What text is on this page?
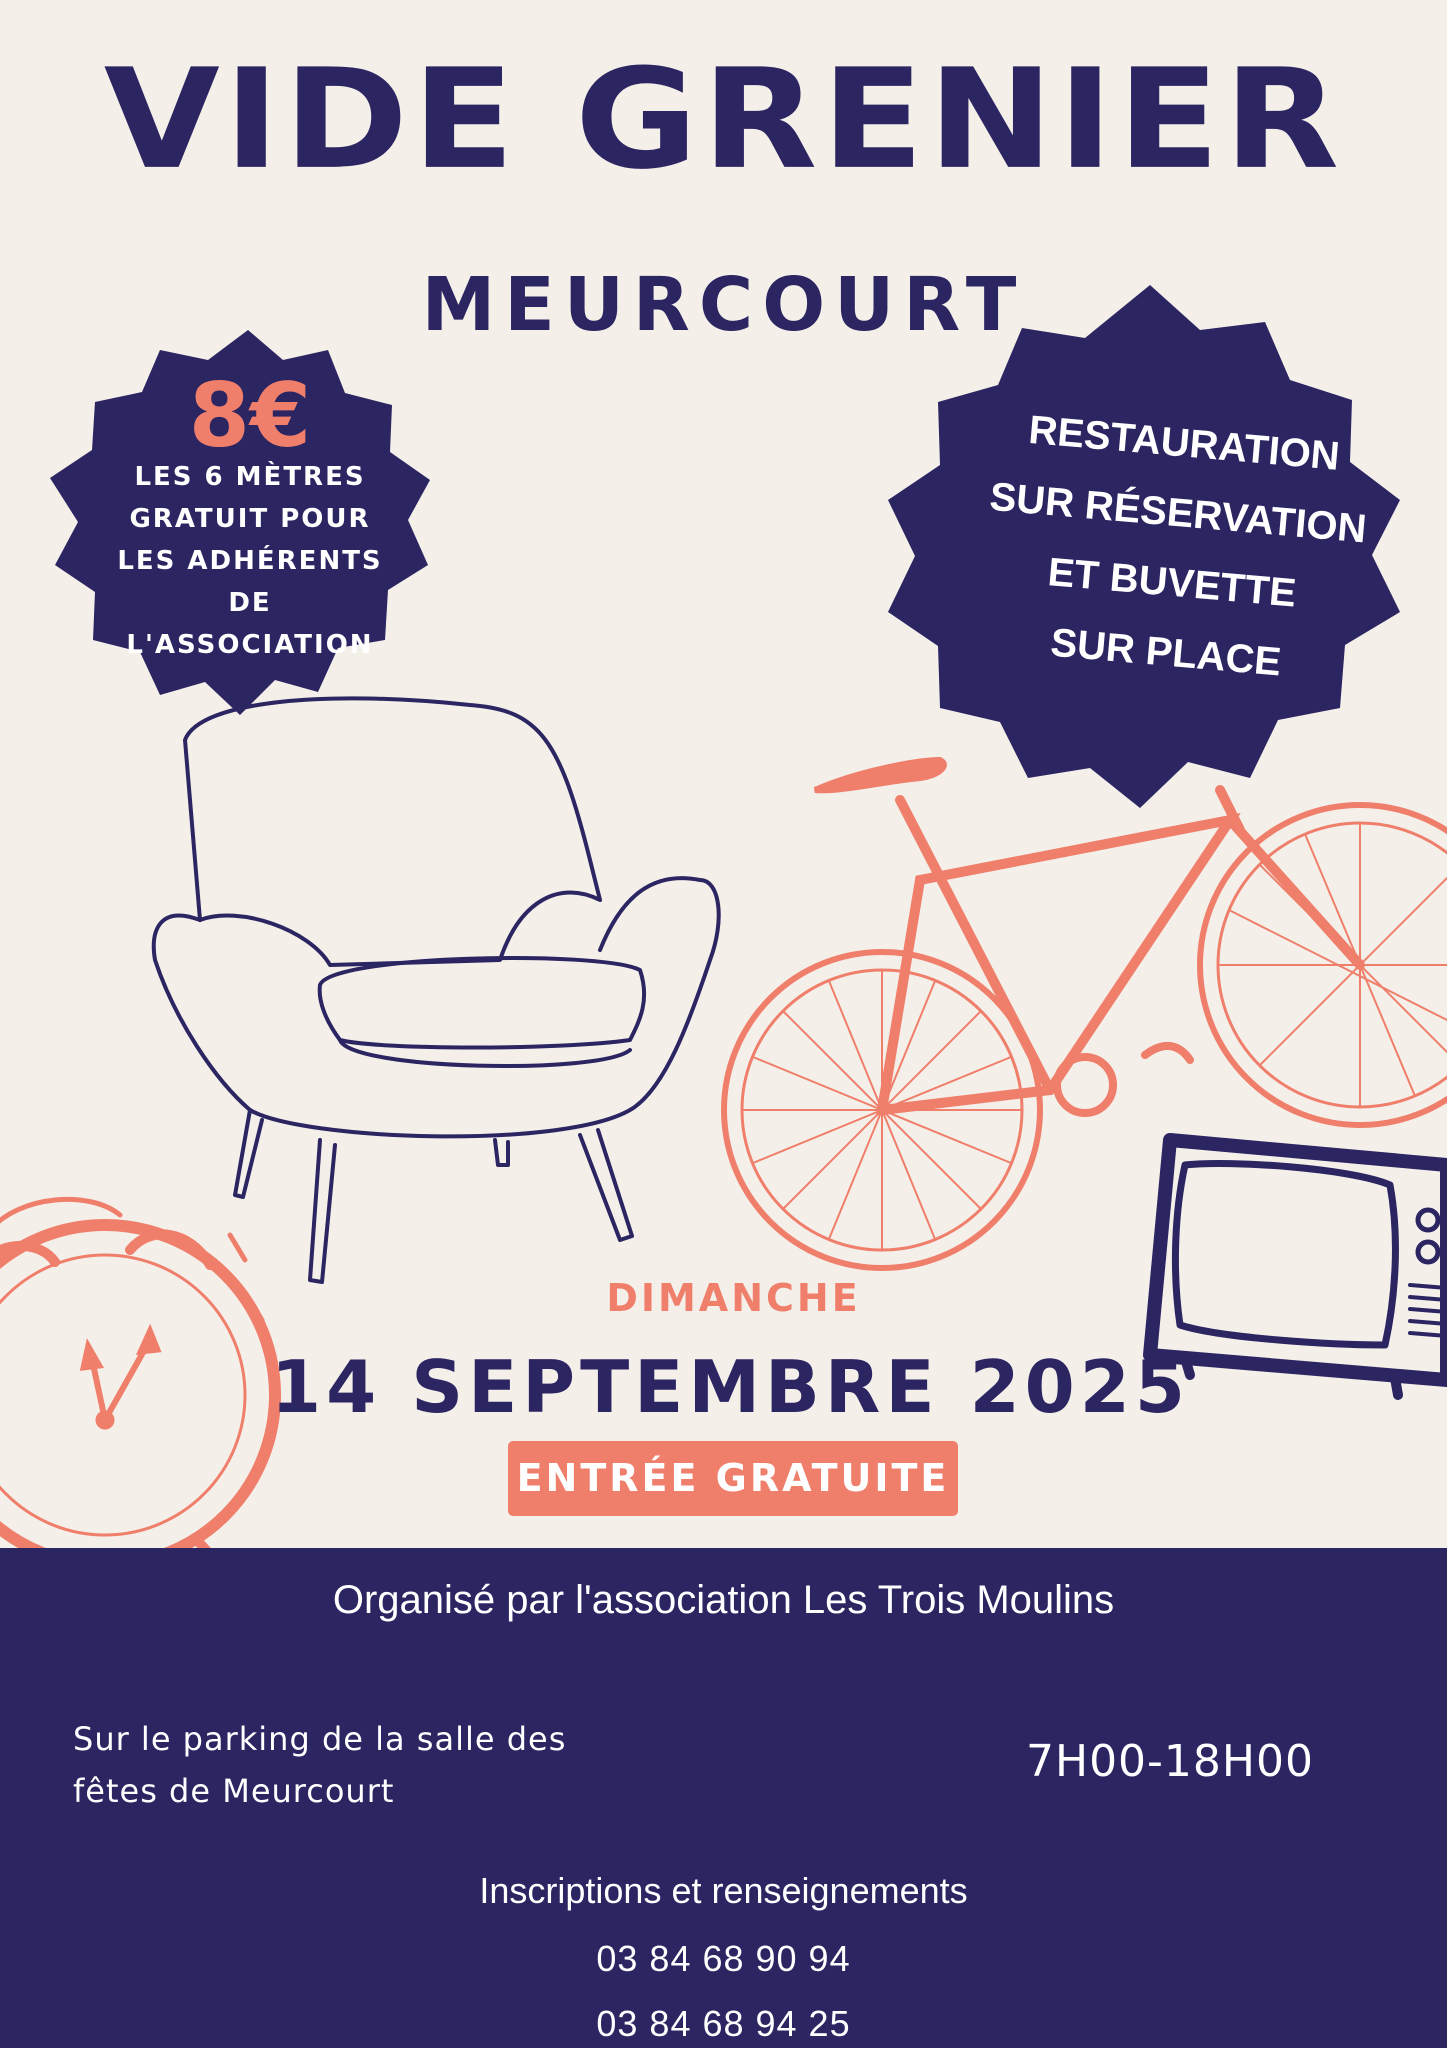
VIDE GRENIER
MEURCOURT
8€
LES 6 MÈTRES
GRATUIT POUR
LES ADHÉRENTS
DE
L'ASSOCIATION
RESTAURATION
SUR RÉSERVATION
ET BUVETTE
SUR PLACE
DIMANCHE
14 SEPTEMBRE 2025
ENTRÉE GRATUITE
Organisé par l'association Les Trois Moulins
Sur le parking de la salle des
fêtes de Meurcourt
7H00-18H00
Inscriptions et renseignements
03 84 68 90 94
03 84 68 94 25
